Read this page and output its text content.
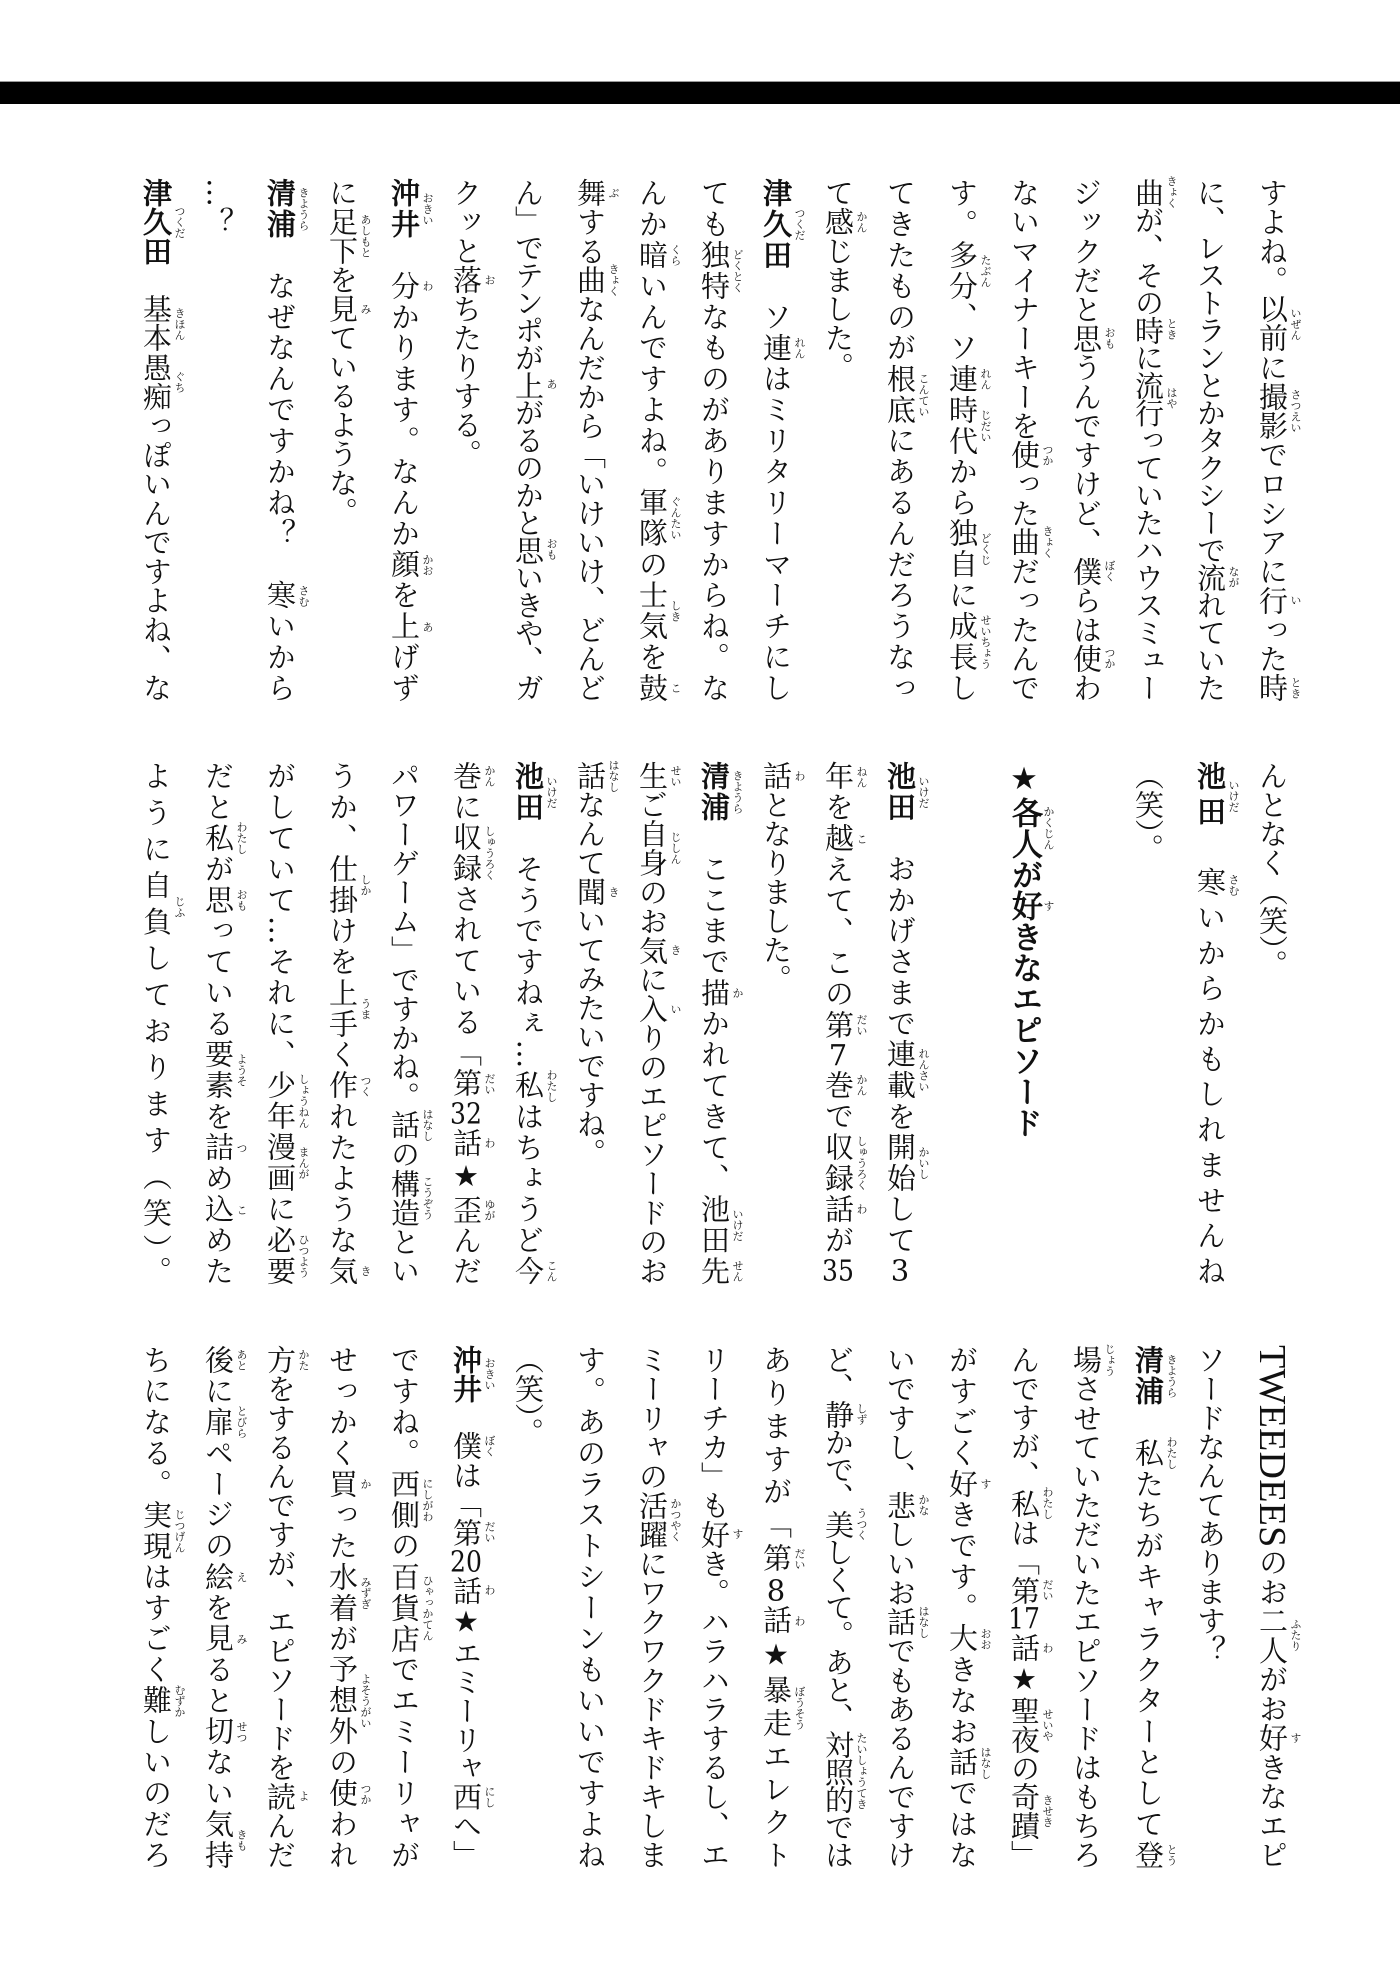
すよね。以前 いぜん
に撮影 さつえい
でロシアに行 い
った時 とき
に、レストランとかタクシーで流 なが
れていた
曲 きょく
が、その時 とき
に流行 はや
っていたハウスミュー
ジックだと思 おも
うんですけど、僕 ぼく
らは使 つか
わ
ないマイナーキーを使 つか
った曲 きょく
だったんで
す。多分 たぶん
、ソ連 れん
時代 じだい
から独自 どくじ
に成長 せいちょう
し
てきたものが根底 こんてい
にあるんだろうなっ
て感 かん
じました。
津久田 つくだ
　ソ連 れん
はミリタリーマーチにし
ても独特 どくとく
なものがありますからね。な
んか暗 くら
いんですよね。軍隊 ぐんたい
の士気 しき
を鼓 こ
舞 ぶ
する曲 きょく
なんだから「いけいけ、どんど
ん」でテンポが上 あ
がるのかと思 おも
いきや、ガ
クッと落 お
ちたりする。
沖井 おきい
　分 わ
かります。なんか顔 かお
を上 あ
げず
に足下 あしもと
を見 み
ているような。
清浦 きようら
　なぜなんですかね？　寒 さむ
いから
…？
津久田 つくだ
　基本 きほん
愚痴 ぐち
っぽいんですよね、な
んとなく（笑）。
池田 いけだ
　寒 さむ
いからかもしれませんね
（笑）。
★各人 かくじん
が好 す
きなエピソード
池田 いけだ
　おかげさまで連載 れんさい
を開始 かいし
して3
年 ねん
を越 こ
えて、この第 だい
7巻 かん
で収録 しゅうろく
話 わ
が35
話 わ
となりました。
清浦 きようら
　ここまで描 か
かれてきて、池田 いけだ
先 せん
生 せい
ご自身 じしん
のお気 き
に入 い
りのエピソードのお
話 はなし
なんて聞 き
いてみたいですね。
池田 いけだ
　そうですねぇ…私 わたし
はちょうど今 こん
巻 かん
に収録 しゅうろく
されている「第 だい
32話 わ
★歪 ゆが
んだ
パワーゲーム」ですかね。話 はなし
の構造 こうぞう
とい
うか、仕掛 しか
けを上手 うま
く作 つく
れたような気 き
がしていて…それに、少年 しょうねん
漫画 まんが
に必要 ひつよう
だと私 わたし
が思 おも
っている要素 ようそ
を詰 つ
め込 こ
めた
ように自負 じふ
しております（笑）。
TWEEDEESのお二人 ふたり
がお好 す
きなエピ
ソードなんてあります？
清浦 きようら
　私 わたし
たちがキャラクターとして登 とう
場 じょう
させていただいたエピソードはもちろ
んですが、私 わたし
は「第 だい
17話 わ
★聖夜 せいや
の奇蹟 きせき
」
がすごく好 す
きです。大 おお
きなお話 はなし
ではな
いですし、悲 かな
しいお話 はなし
でもあるんですけ
ど、静 しず
かで、美 うつく
しくて。あと、対照的 たいしょうてき
では
ありますが「第 だい
8話 わ
★暴走 ぼうそう
エレクト
リーチカ」も好 す
き。ハラハラするし、エ
ミーリャの活躍 かつやく
にワクワクドキドキしま
す。あのラストシーンもいいですよね
（笑）。
沖井 おきい
　僕 ぼく
は「第 だい
20話 わ
★エミーリャ西 にし
へ」
ですね。西側 にしがわ
の百貨店 ひゃっかてん
でエミーリャが
せっかく買 か
った水着 みずぎ
が予想外 よそうがい
の使 つか
われ
方 かた
をするんですが、エピソードを読 よ
んだ
後 あと
に扉 とびら
ページの絵 え
を見 み
ると切 せつ
ない気持 きも
ちになる。実現 じつげん
はすごく難 むずか
しいのだろ
